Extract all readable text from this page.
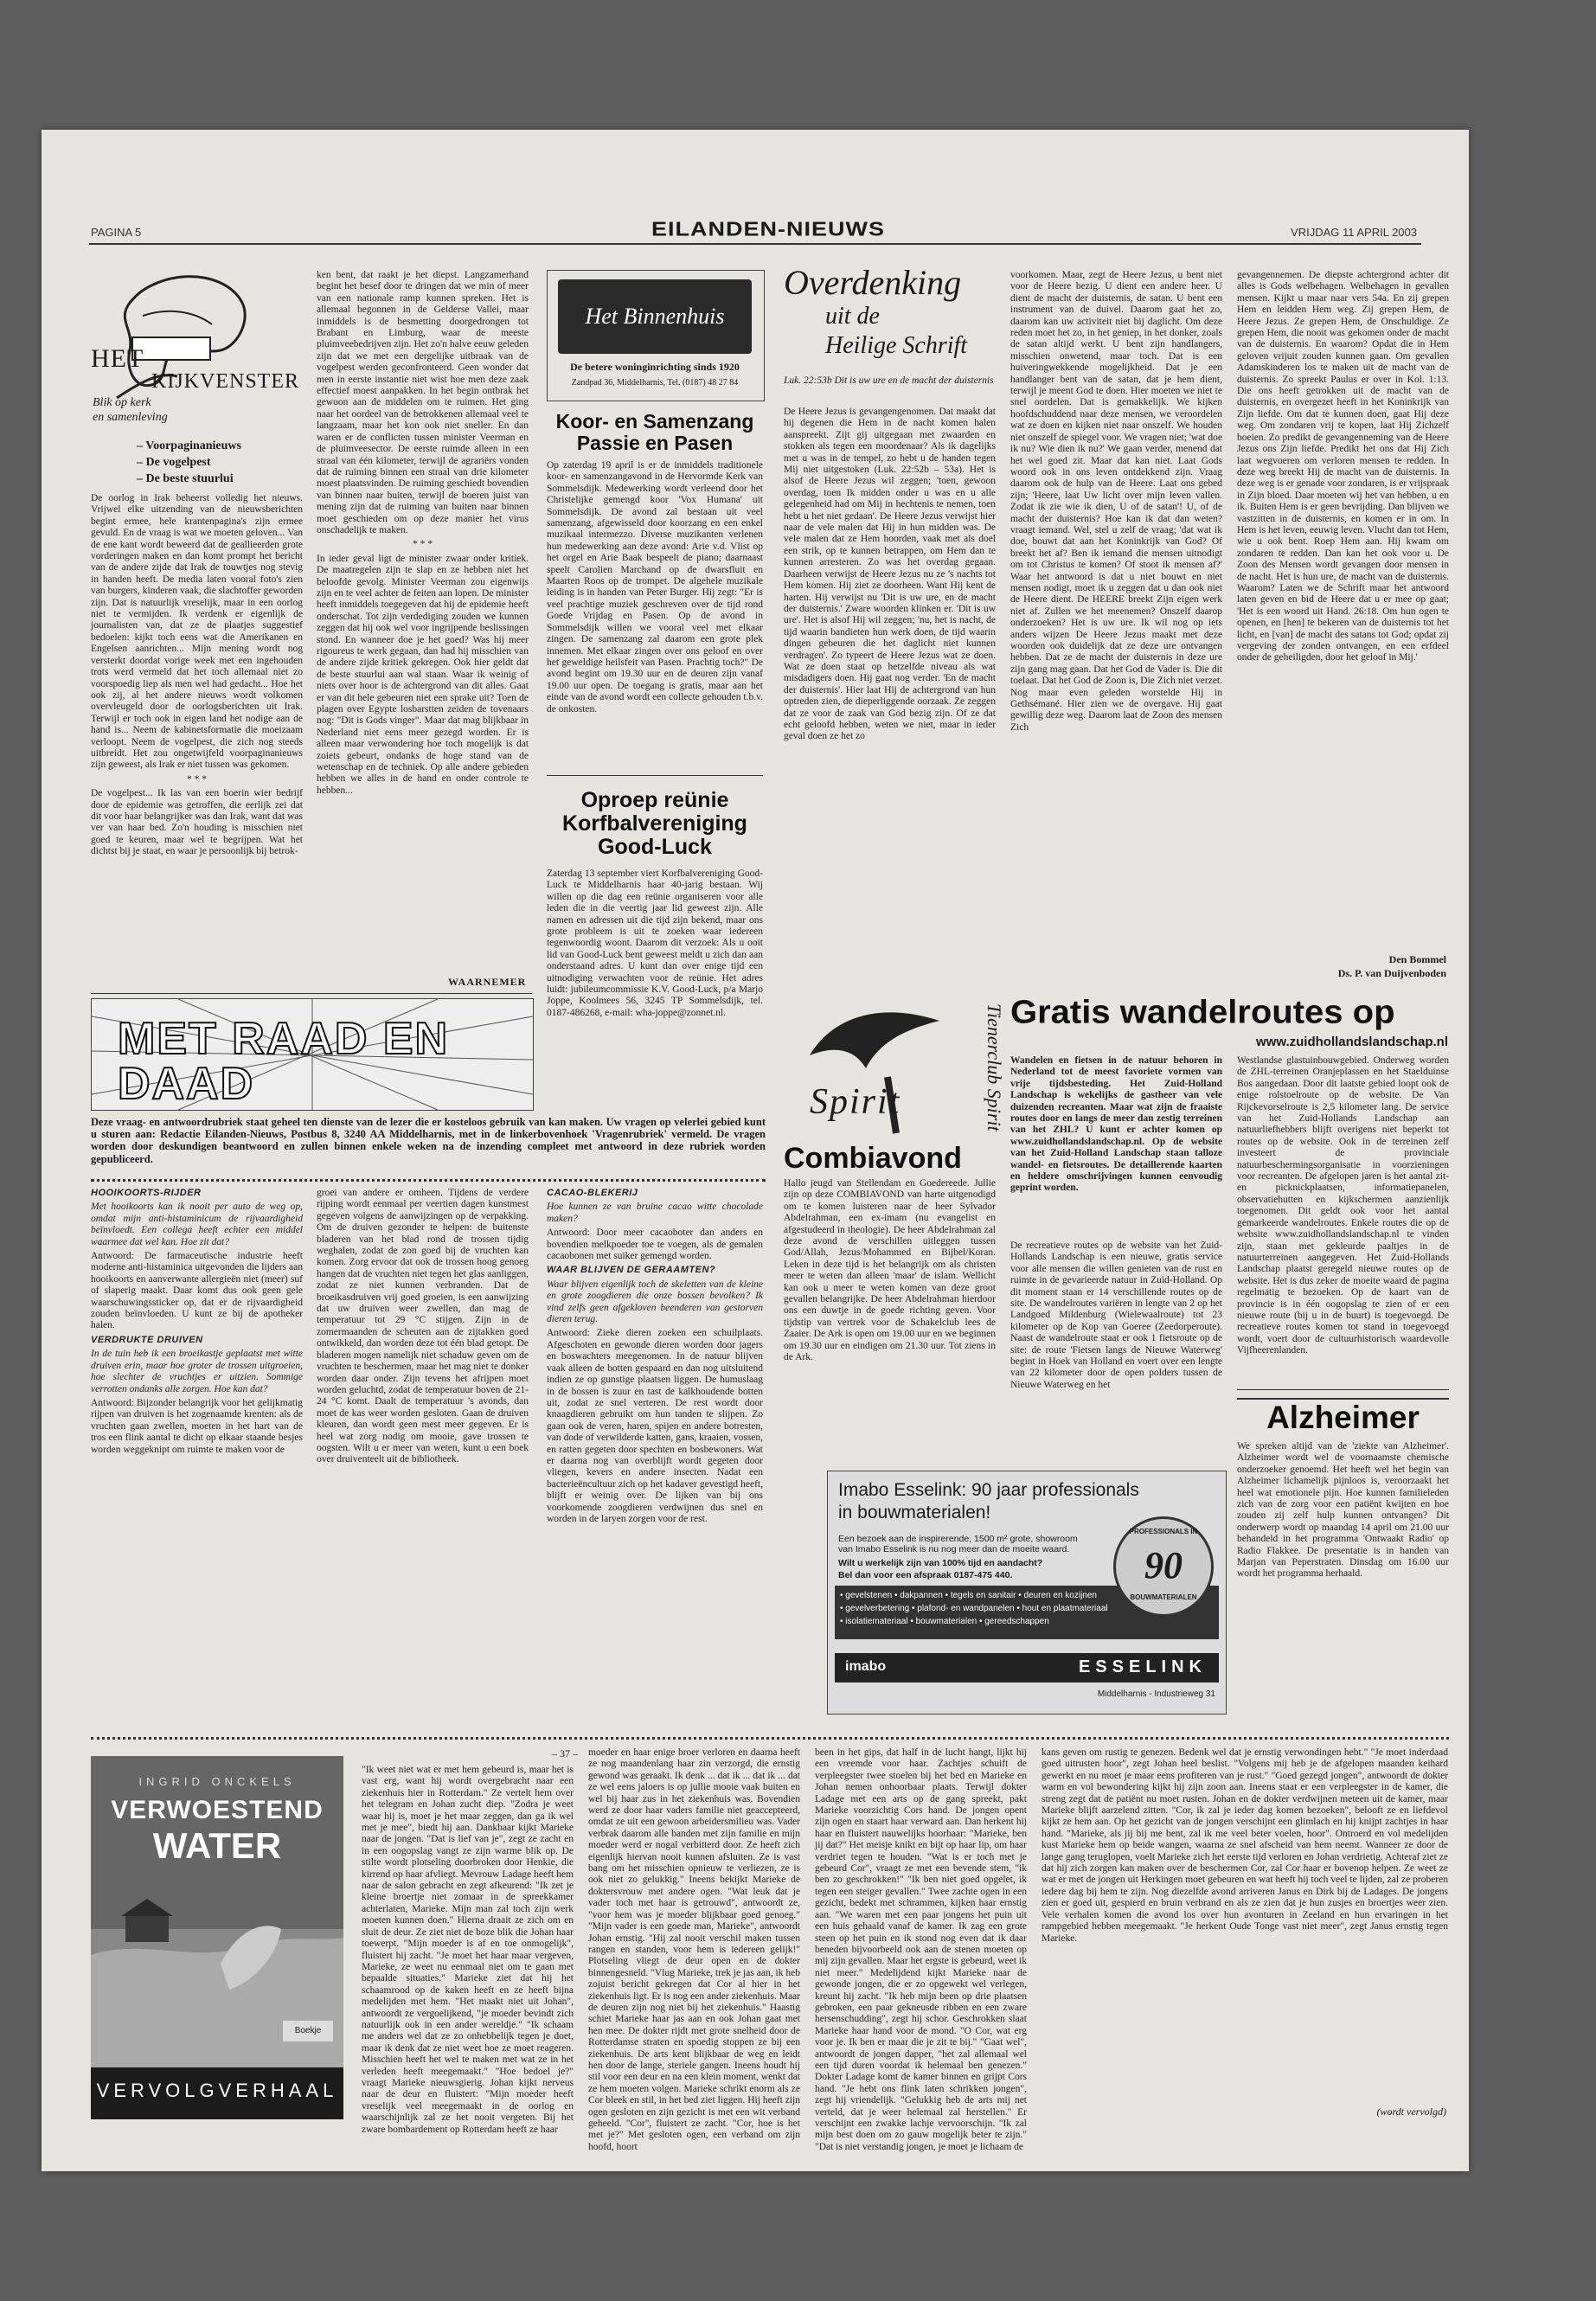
PAGINA 5	EILANDEN-NIEUWS	VRIJDAG 11 APRIL 2003
HET
KIJKVENSTER
Blik op kerk
en samenleving
– Voorpaginanieuws
– De vogelpest
– De beste stuurlui

De oorlog in Irak beheerst volledig het nieuws. Vrijwel elke uitzending van de nieuwsberichten begint ermee, hele krantenpagina's zijn ermee gevuld. En de vraag is wat we moeten geloven... Van de ene kant wordt beweerd dat de geallieerden grote vorderingen maken en dan komt prompt het bericht van de andere zijde dat Irak de touwtjes nog stevig in handen heeft. De media laten vooral foto's zien van burgers, kinderen vaak, die slachtoffer geworden zijn. Dat is natuurlijk vreselijk, maar in een oorlog niet te vermijden. Ik verdenk er eigenlijk de journalisten van, dat ze de plaatjes suggestief bedoelen: kijkt toch eens wat die Amerikanen en Engelsen aanrichten... Mijn mening wordt nog versterkt doordat vorige week met een ingehouden trots werd vermeld dat het toch allemaal niet zo voorspoedig liep als men wel had gedacht... Hoe het ook zij, al het andere nieuws wordt volkomen overvleugeld door de oorlogsberichten uit Irak. Terwijl er toch ook in eigen land het nodige aan de hand is... Neem de kabinetsformatie die moeizaam verloopt. Neem de vogelpest, die zich nog steeds uitbreidt. Het zou ongetwijfeld voorpaginanieuws zijn geweest, als Irak er niet tussen was gekomen.

* * *

De vogelpest... Ik las van een boerin wier bedrijf door de epidemie was getroffen, die eerlijk zei dat dit voor haar belangrijker was dan Irak, want dat was ver van haar bed. Zo'n houding is misschien niet goed te keuren, maar wel te begrijpen. Wat het dichtst bij je staat, en waar je persoonlijk bij betrok-

ken bent, dat raakt je het diepst. Langzamerhand begint het besef door te dringen dat we min of meer van een nationale ramp kunnen spreken. Het is allemaal begonnen in de Gelderse Vallei, maar inmiddels is de besmetting doorgedrongen tot Brabant en Limburg, waar de meeste pluimveebedrijven zijn. Het zo'n halve eeuw geleden zijn dat we met een dergelijke uitbraak van de vogelpest werden geconfronteerd. Geen wonder dat men in eerste instantie niet wist hoe men deze zaak effectief moest aanpakken. In het begin ontbrak het gewoon aan de middelen om te ruimen. Het ging naar het oordeel van de betrokkenen allemaal veel te langzaam, maar het kon ook niet sneller. En dan waren er de conflicten tussen minister Veerman en de pluimveesector. De eerste ruimde alleen in een straal van één kilometer, terwijl de agrariërs vonden dat de ruiming binnen een straal van drie kilometer moest plaatsvinden. De ruiming geschiedt bovendien van binnen naar buiten, terwijl de boeren juist van mening zijn dat de ruiming van buiten naar binnen moet geschieden om op deze manier het virus onschadelijk te maken.

* * *

In ieder geval ligt de minister zwaar onder kritiek. De maatregelen zijn te slap en ze hebben niet het beloofde gevolg. Minister Veerman zou eigenwijs zijn en te veel achter de feiten aan lopen. De minister heeft inmiddels toegegeven dat hij de epidemie heeft onderschat. Tot zijn verdediging zouden we kunnen zeggen dat hij ook wel voor ingrijpende beslissingen stond. En wanneer doe je het goed? Was hij meer rigoureus te werk gegaan, dan had hij misschien van de andere zijde kritiek gekregen. Ook hier geldt dat de beste stuurlui aan wal staan. Waar ik weinig of niets over hoor is de achtergrond van dit alles. Gaat er van dit hele gebeuren niet een sprake uit? Toen de plagen over Egypte losbarstten zeiden de tovenaars nog: "Dit is Gods vinger". Maar dat mag blijkbaar in Nederland niet eens meer gezegd worden. Er is alleen maar verwondering hoe toch mogelijk is dat zoiets gebeurt, ondanks de hoge stand van de wetenschap en de techniek. Op alle andere gebieden hebben we alles in de hand en onder controle te hebben...

WAARNEMER
Het Binnenhuis
De betere woninginrichting sinds 1920
Zandpad 36, Middelharnis, Tel. (0187) 48 27 84
Koor- en Samenzang Passie en Pasen

Op zaterdag 19 april is er de inmiddels traditionele koor- en samenzangavond in de Hervormde Kerk van Sommelsdijk. Medewerking wordt verleend door het Christelijke gemengd koor 'Vox Humana' uit Sommelsdijk. De avond zal bestaan uit veel samenzang, afgewisseld door koorzang en een enkel muzikaal intermezzo. Diverse muzikanten verlenen hun medewerking aan deze avond: Arie v.d. Vlist op het orgel en Arie Baak bespeelt de piano; daarnaast speelt Carolien Marchand op de dwarsfluit en Maarten Roos op de trompet. De algehele muzikale leiding is in handen van Peter Burger. Hij zegt: "Er is veel prachtige muziek geschreven over de tijd rond Goede Vrijdag en Pasen. Op de avond in Sommelsdijk willen we vooral veel met elkaar zingen. De samenzang zal daarom een grote plek innemen. Met elkaar zingen over ons geloof en over het geweldige heilsfeit van Pasen. Prachtig toch?" De avond begint om 19.30 uur en de deuren zijn vanaf 19.00 uur open. De toegang is gratis, maar aan het einde van de avond wordt een collecte gehouden t.b.v. de onkosten.

Oproep reünie Korfbalvereniging Good-Luck

Zaterdag 13 september viert Korfbalvereniging Good-Luck te Middelharnis haar 40-jarig bestaan. Wij willen op die dag een reünie organiseren voor alle leden die in die veertig jaar lid geweest zijn. Alle namen en adressen uit die tijd zijn bekend, maar ons grote probleem is uit te zoeken waar iedereen tegenwoordig woont. Daarom dit verzoek: Als u ooit lid van Good-Luck bent geweest meldt u zich dan aan onderstaand adres. U kunt dan over enige tijd een uitnodiging verwachten voor de reünie. Het adres luidt: jubileumcommissie K.V. Good-Luck, p/a Marjo Joppe, Koolmees 56, 3245 TP Sommelsdijk, tel. 0187-486268, e-mail: wha-joppe@zonnet.nl.

Overdenking
uit de
Heilige Schrift
Luk. 22:53b Dit is uw ure en de macht der duisternis

De Heere Jezus is gevangengenomen. Dat maakt dat hij degenen die Hem in de nacht komen halen aanspreekt. Zijt gij uitgegaan met zwaarden en stokken als tegen een moordenaar? Als ik dagelijks met u was in de tempel, zo hebt u de handen tegen Mij niet uitgestoken (Luk. 22:52b – 53a). Het is alsof de Heere Jezus wil zeggen; 'toen, gewoon overdag, toen Ik midden onder u was en u alle gelegenheid had om Mij in hechtenis te nemen, toen hebt u het niet gedaan'. De Heere Jezus verwijst hier naar de vele malen dat Hij in hun midden was. De vele malen dat ze Hem hoorden, vaak met als doel een strik, op te kunnen betrappen, om Hem dan te kunnen arresteren. Zo was het overdag gegaan. Daarheen verwijst de Heere Jezus nu ze 's nachts tot Hem komen. Hij ziet ze doorheen. Want Hij kent de harten. Hij verwijst nu 'Dit is uw ure, en de macht der duisternis.' Zware woorden klinken er. 'Dit is uw ure'. Het is alsof Hij wil zeggen; 'nu, het is nacht, de tijd waarin bandieten hun werk doen, de tijd waarin dingen gebeuren die het daglicht niet kunnen verdragen'. Zo typeert de Heere Jezus wat ze doen. Wat ze doen staat op hetzelfde niveau als wat misdadigers doen. Hij gaat nog verder. 'En de macht der duisternis'. Hier laat Hij de achtergrond van hun optreden zien, de dieperliggende oorzaak. Ze zeggen dat ze voor de zaak van God bezig zijn. Of ze dat echt geloofd hebben, weten we niet, maar in ieder geval doen ze het zo

voorkomen. Maar, zegt de Heere Jezus, u bent niet voor de Heere bezig. U dient een andere heer. U dient de macht der duisternis, de satan. U bent een instrument van de duivel. Daarom gaat het zo, daarom kan uw activiteit niet bij daglicht. Om deze reden moet het zo, in het geniep, in het donker, zoals de satan altijd werkt. U bent zijn handlangers, misschien onwetend, maar toch. Dat is een huiveringwekkende mogelijkheid. Dat je een handlanger bent van de satan, dat je hem dient, terwijl je meent God te doen. Hier moeten we niet te snel oordelen. Dat is gemakkelijk. We kijken hoofdschuddend naar deze mensen, we veroordelen wat ze doen en kijken niet naar onszelf. We houden niet onszelf de spiegel voor. We vragen niet; 'wat doe ik nu? Wie dien ik nu?' We gaan verder, menend dat het wel goed zit. Maar dat kan niet. Laat Gods woord ook in ons leven ontdekkend zijn. Vraag daarom ook de hulp van de Heere. Laat ons gebed zijn; 'Heere, laat Uw licht over mijn leven vallen. Zodat ik zie wie ik dien, U of de satan'! U, of de macht der duisternis? Hoe kan ik dat dan weten? vraagt iemand. Wel, stel u zelf de vraag; 'dat wat ik doe, bouwt dat aan het Koninkrijk van God? Of breekt het af? Ben ik iemand die mensen uitnodigt om tot Christus te komen? Of stoot ik mensen af?' Waar het antwoord is dat u niet bouwt en niet mensen nodigt, moet ik u zeggen dat u dan ook niet de Heere dient. De HEERE breekt Zijn eigen werk niet af. Zullen we het meenemen? Onszelf daarop onderzoeken? Het is uw ure. Ik wil nog op iets anders wijzen De Heere Jezus maakt met deze woorden ook duidelijk dat ze deze ure ontvangen hebben. Dat ze de macht der duisternis in deze ure zijn gang mag gaan. Dat het God de Vader is. Die dit toelaat. Dat het God de Zoon is, Die Zich niet verzet. Nog maar even geleden worstelde Hij in Gethsémané. Hier zien we de overgave. Hij gaat gewillig deze weg. Daarom laat de Zoon des mensen Zich

gevangennemen. De diepste achtergrond achter dit alles is Gods welbehagen. Welbehagen in gevallen mensen. Kijkt u maar naar vers 54a. En zij grepen Hem en leidden Hem weg. Zij grepen Hem, de Heere Jezus. Ze grepen Hem, de Onschuldige. Ze grepen Hem, die nooit was gekomen onder de macht van de duisternis. En waarom? Opdat die in Hem geloven vrijuit zouden kunnen gaan. Om gevallen Adamskinderen los te maken uit de macht van de duisternis. Zo spreekt Paulus er over in Kol. 1:13. Die ons heeft getrokken uit de macht van de duisternis, en overgezet heeft in het Koninkrijk van Zijn liefde. Om dat te kunnen doen, gaat Hij deze weg. Om zondaren vrij te kopen, laat Hij Zichzelf boeien. Zo predikt de gevangenneming van de Heere Jezus ons Zijn liefde. Predikt het ons dat Hij Zich laat wegvoeren om verloren mensen te redden. In deze weg breekt Hij de macht van de duisternis. In deze weg is er genade voor zondaren, is er vrijspraak in Zijn bloed. Daar moeten wij het van hebben, u en ik. Buiten Hem is er geen bevrijding. Dan blijven we vastzitten in de duisternis, en komen er in om. In Hem is het leven, eeuwig leven. Vlucht dan tot Hem, wie u ook bent. Roep Hem aan. Hij kwam om zondaren te redden. Dan kan het ook voor u. De Zoon des Mensen wordt gevangen door mensen in de nacht. Het is hun ure, de macht van de duisternis. Waarom? Laten we de Schrift maar het antwoord laten geven en bid de Heere dat u er mee op gaat; 'Het is een woord uit Hand. 26:18. Om hun ogen te openen, en [hen] te bekeren van de duisternis tot het licht, en [van] de macht des satans tot God; opdat zij vergeving der zonden ontvangen, en een erfdeel onder de geheiligden, door het geloof in Mij.'

Den Bommel
Ds. P. van Duijvenboden
MET RAAD EN DAAD
Deze vraag- en antwoordrubriek staat geheel ten dienste van de lezer die er kosteloos gebruik van kan maken. Uw vragen op velerlei gebied kunt u sturen aan: Redactie Eilanden-Nieuws, Postbus 8, 3240 AA Middelharnis, met in de linkerbovenhoek 'Vragenrubriek' vermeld. De vragen worden door deskundigen beantwoord en zullen binnen enkele weken na de inzending compleet met antwoord in deze rubriek worden gepubliceerd.

HOOIKOORTS-RIJDER

Met hooikoorts kan ik nooit per auto de weg op, omdat mijn anti-histaminicum de rijvaardigheid beïnvloedt. Een collega heeft echter een middel waarmee dat wel kan. Hoe zit dat?

Antwoord: De farmaceutische industrie heeft moderne anti-histaminica uitgevonden die lijders aan hooikoorts en aanverwante allergieën niet (meer) suf of slaperig maakt. Daar komt dus ook geen gele waarschuwingssticker op, dat er de rijvaardigheid zouden beïnvloeden. U kunt ze bij de apotheker halen.

VERDRUKTE DRUIVEN

In de tuin heb ik een broeikastje geplaatst met witte druiven erin, maar hoe groter de trossen uitgroeien, hoe slechter de vruchtjes er uitzien. Sommige verrotten ondanks alle zorgen. Hoe kan dat?

Antwoord: Bijzonder belangrijk voor het gelijkmatig rijpen van druiven is het zogenaamde krenten: als de vruchten gaan zwellen, moeten in het hart van de tros een flink aantal te dicht op elkaar staande besjes worden weggeknipt om ruimte te maken voor de

groei van andere er omheen. Tijdens de verdere rijping wordt eenmaal per veertien dagen kunstmest gegeven volgens de aanwijzingen op de verpakking. Om de druiven gezonder te helpen: de buitenste bladeren van het blad rond de trossen tijdig weghalen, zodat de zon goed bij de vruchten kan komen. Zorg ervoor dat ook de trossen hoog genoeg hangen dat de vruchten niet tegen het glas aanliggen, zodat ze niet kunnen verbranden. Dat de broeikasdruiven vrij goed groeien, is een aanwijzing dat uw druiven weer zwellen, dan mag de temperatuur tot 29 °C stijgen. Zijn in de zomermaanden de scheuten aan de zijtakken goed ontwikkeld, dan worden deze tot één blad getopt. De bladeren mogen namelijk niet schaduw geven om de vruchten te beschermen, maar het mag niet te donker worden daar onder. Zijn tevens het afrijpen moet worden geluchtd, zodat de temperatuur boven de 21-24 °C komt. Daalt de temperatuur 's avonds, dan moet de kas weer worden gesloten. Gaan de druiven kleuren, dan wordt geen mest meer gegeven. Er is heel wat zorg nodig om mooie, gave trossen te oogsten. Wilt u er meer van weten, kunt u een boek over druiventeelt uit de bibliotheek.

CACAO-BLEKERIJ

Hoe kunnen ze van bruine cacao witte chocolade maken?

Antwoord: Door meer cacaoboter dan anders en bovendien melkpoeder toe te voegen, als de gemalen cacaobonen met suiker gemengd worden.

WAAR BLIJVEN DE GERAAMTEN?

Waar blijven eigenlijk toch de skeletten van de kleine en grote zoogdieren die onze bossen bevolken? Ik vind zelfs geen afgekloven beenderen van gestorven dieren terug.

Antwoord: Zieke dieren zoeken een schuilplaats. Afgeschoten en gewonde dieren worden door jagers en boswachters meegenomen. In de natuur blijven vaak alleen de botten gespaard en dan nog uitsluitend indien ze op gunstige plaatsen liggen. De humuslaag in de bossen is zuur en tast de kalkhoudende botten uit, zodat ze snel verteren. De rest wordt door knaagdieren gebruikt om hun tanden te slijpen. Zo gaan ook de veren, haren, spijen en andere botresten, van dode of verwilderde katten, gans, kraaien, vossen, en ratten gegeten door spechten en bosbewoners. Wat er daarna nog van overblijft wordt gegeten door vliegen, kevers en andere insecten. Nadat een bacterieëncultuur zich op het kadaver gevestigd heeft, blijft er weinig over. De lijken van bij ons voorkomende zoogdieren verdwijnen dus snel en worden in de laryen zorgen voor de rest.

Spirit
Tienerclub Spirit
Combiavond

Hallo jeugd van Stellendam en Goedereede. Jullie zijn op deze COMBIAVOND van harte uitgenodigd om te komen luisteren naar de heer Sylvador Abdelrahman, een ex-imam (nu evangelist en afgestudeerd in theologie). De heer Abdelrahman zal deze avond de verschillen uitleggen tussen God/Allah, Jezus/Mohammed en Bijbel/Koran. Leken in deze tijd is het belangrijk om als christen meer te weten dan alleen 'maar' de islam. Wellicht kan ook u meer te weten komen van deze groot gevallen belangrijke. De heer Abdelrahman hierdoor ons een duwtje in de goede richting geven. Voor tijdstip van vertrek voor de Schakelclub lees de Zaaier. De Ark is open om 19.00 uur en we beginnen om 19.30 uur en eindigen om 21.30 uur. Tot ziens in de Ark.

Gratis wandelroutes op
www.zuidhollandslandschap.nl

Wandelen en fietsen in de natuur behoren in Nederland tot de meest favoriete vormen van vrije tijdsbesteding. Het Zuid-Holland Landschap is wekelijks de gastheer van vele duizenden recreanten. Maar wat zijn de fraaiste routes door en langs de meer dan zestig terreinen van het ZHL? U kunt er achter komen op www.zuidhollandslandschap.nl. Op de website van het Zuid-Holland Landschap staan talloze wandel- en fietsroutes. De detaillerende kaarten en heldere omschrijvingen kunnen eenvoudig geprint worden.

De recreatieve routes op de website van het Zuid-Hollands Landschap is een nieuwe, gratis service voor alle mensen die willen genieten van de rust en ruimte in de gevarieerde natuur in Zuid-Holland. Op dit moment staan er 14 verschillende routes op de site. De wandelroutes variëren in lengte van 2 op het Landgoed Mildenburg (Wielewaalroute) tot 23 kilometer op de Kop van Goeree (Zeedorperoute). Naast de wandelroute staat er ook 1 fietsroute op de site: de route 'Fietsen langs de Nieuwe Waterweg' begint in Hoek van Holland en voert over een lengte van 22 kilometer door de open polders tussen de Nieuwe Waterweg en het

Westlandse glastuinbouwgebied. Onderweg worden de ZHL-terreinen Oranjeplassen en het Staelduinse Bos aangedaan. Door dit laatste gebied loopt ook de enige rolstoelroute op de website. De Van Rijckevorselroute is 2,5 kilometer lang. De service van het Zuid-Hollands Landschap aan natuurliefhebbers blijft overigens niet beperkt tot routes op de website. Ook in de terreinen zelf investeert de provinciale natuurbeschermingsorganisatie in voorzieningen voor recreanten. De afgelopen jaren is het aantal zit- en picknickplaatsen, informatiepanelen, observatiehutten en kijkschermen aanzienlijk toegenomen. Dit geldt ook voor het aantal gemarkeerde wandelroutes. Enkele routes die op de website www.zuidhollandslandschap.nl te vinden zijn, staan met gekleurde paaltjes in de natuurterreinen aangegeven. Het Zuid-Hollands Landschap plaatst geregeld nieuwe routes op de website. Het is dus zeker de moeite waard de pagina regelmatig te bezoeken. Op de kaart van de provincie is in één oogopslag te zien of er een nieuwe route (bij u in de buurt) is toegevoegd. De recreatieve routes komen tot stand in toegevoegd wordt, voert door de cultuurhistorisch waardevolle Vijfheerenlanden.

Imabo Esselink: 90 jaar professionals
in bouwmaterialen!
Een bezoek aan de inspirerende, 1500 m² grote, showroom van Imabo Esselink is nu nog meer dan de moeite waard.
Wilt u werkelijk zijn van 100% tijd en aandacht?
Bel dan voor een afspraak 0187-475 440.
• gevelstenen • dakpannen • tegels en sanitair • deuren en kozijnen
• gevelverbetering • plafond- en wandpanelen • hout en plaatmateriaal
• isolatiemateriaal • bouwmaterialen • gereedschappen
PROFESSIONALS IN
90
BOUWMATERIALEN
imabo	ESSELINK
Middelharnis - Industrieweg 31
Alzheimer

We spreken altijd van de 'ziekte van Alzheimer'. Alzheimer wordt wel de voornaamste chemische onderzoeker genoemd. Het heeft wel het begin van Alzheimer lichamelijk pijnloos is, veroorzaakt het heel wat emotionele pijn. Hoe kunnen familieleden zich van de zorg voor een patiënt kwijten en hoe zouden zij zelf hulp kunnen ontvangen? Dit onderwerp wordt op maandag 14 april om 21.00 uur behandeld in het programma 'Ontwaakt Radio' op Radio Flakkee. De presentatie is in handen van Marjan van Peperstraten. Dinsdag om 16.00 uur wordt het programma herhaald.

INGRID ONCKELS
VERWOESTEND
WATER
Boekje
VERVOLGVERHAAL
– 37 –

"Ik weet niet wat er met hem gebeurd is, maar het is vast erg, want hij wordt overgebracht naar een ziekenhuis hier in Rotterdam." Ze vertelt hem over het telegram en Johan zucht diep. "Zodra je weet waar hij is, moet je het maar zeggen, dan ga ik wel met je mee", biedt hij aan. Dankbaar kijkt Marieke naar de jongen. "Dat is lief van je", zegt ze zacht en in een oogopslag vangt ze zijn warme blik op. De stilte wordt plotseling doorbroken door Henkie, die kirrend op haar afvliegt. Mevrouw Ladage heeft hem naar de salon gebracht en zegt afkeurend: "Ik zet je kleine broertje niet zomaar in de spreekkamer achterlaten, Marieke. Mijn man zal toch zijn werk moeten kunnen doen." Hierna draait ze zich om en sluit de deur. Ze ziet niet de boze blik die Johan haar toewerpt. "Mijn moeder is af en toe onmogelijk", fluistert hij zacht. "Je moet het haar maar vergeven, Marieke, ze weet nu eenmaal niet om te gaan met bepaalde situaties." Marieke ziet dat hij het schaamrood op de kaken heeft en ze heeft bijna medelijden met hem. "Het maakt niet uit Johan", antwoordt ze vergoelijkend, "je moeder bevindt zich natuurlijk ook in een ander wereldje." "Ik schaam me anders wel dat ze zo onhebbelijk tegen je doet, maar ik denk dat ze niet weet hoe ze moet reageren. Misschien heeft het wel te maken met wat ze in het verleden heeft meegemaakt." "Hoe bedoel je?" vraagt Marieke nieuwsgierig. Johan kijkt nerveus naar de deur en fluistert: "Mijn moeder heeft vreselijk veel meegemaakt in de oorlog en waarschijnlijk zal ze het nooit vergeten. Bij het zware bombardement op Rotterdam heeft ze haar

moeder en haar enige broer verloren en daarna heeft ze nog maandenlang haar zin verzorgd, die ernstig gewond was geraakt. Ik denk ... dat ik ... dat ik ... dat ze wel eens jaloers is op jullie mooie vaak buiten en wel bij haar zus in het ziekenhuis was. Bovendien werd ze door haar vaders familie niet geaccepteerd, omdat ze uit een gewoon arbeidersmilieu was. Vader verbrak daarom alle banden met zijn familie en mijn moeder werd er nogal verbitterd door. Ze heeft zich eigenlijk hiervan nooit kunnen afsluiten. Ze is vast bang om het misschien opnieuw te verliezen, ze is ook niet zo gelukkig." Ineens bekijkt Marieke de doktersvrouw met andere ogen. "Wat leuk dat je vader toch met haar is getrouwd", antwoordt ze, "voor hem was je moeder blijkbaar goed genoeg." "Mijn vader is een goede man, Marieke", antwoordt Johan ernstig. "Hij zal nooit verschil maken tussen rangen en standen, voor hem is iedereen gelijk!" Plotseling vliegt de deur open en de dokter binnengesneld. "Vlug Marieke, trek je jas aan, ik heb zojuist bericht gekregen dat Cor al hier in het ziekenhuis ligt. Er is nog een ander ziekenhuis. Maar de deuren zijn nog niet bij het ziekenhuis." Haastig schiet Marieke haar jas aan en ook Johan gaat met hen mee. De dokter rijdt met grote snelheid door de Rotterdamse straten en spoedig stoppen ze bij een ziekenhuis. De arts kent blijkbaar de weg en leidt hen door de lange, steriele gangen. Ineens houdt hij stil voor een deur en na een klein moment, wenkt dat ze hem moeten volgen. Marieke schrikt enorm als ze Cor bleek en stil, in het bed ziet liggen. Hij heeft zijn ogen gesloten en zijn gezicht is met een wit verband geheeld. "Cor", fluistert ze zacht. "Cor, hoe is het met je?" Met gesloten ogen, een verband om zijn hoofd, hoort

been in het gips, dat half in de lucht hangt, lijkt hij een vreemde voor haar. Zachtjes schuift de verpleegster twee stoelen bij het bed en Marieke en Johan nemen onhoorbaar plaats. Terwijl dokter Ladage met een arts op de gang spreekt, pakt Marieke voorzichtig Cors hand. De jongen opent zijn ogen en staart haar verward aan. Dan herkent hij haar en fluistert nauwelijks hoorbaar: "Marieke, ben jij dat?" Het meisje knikt en bijt op haar lip, om haar verdriet tegen te houden. "Wat is er toch met je gebeurd Cor", vraagt ze met een bevende stem, "ik ben zo geschrokken!" "Ik ben niet goed opgelet, ik tegen een steiger gevallen." Twee zachte ogen in een gezicht, bedekt met schrammen, kijken haar ernstig aan. "We waren met een paar jongens het puin uit een huis gehaald vanaf de kamer. Ik zag een grote steen op het puin en ik stond nog even dat ik daar beneden bijvoorbeeld ook aan de stenen moeten op mij zijn gevallen. Maar het ergste is gebeurd, weet ik niet meer." Medelijdend kijkt Marieke naar de gewonde jongen, die er zo opgewekt wel verlegen, kreunt hij zacht. "Ik heb mijn been op drie plaatsen gebroken, een paar gekneusde ribben en een zware hersenschudding", zegt hij schor. Geschrokken slaat Marieke haar hand voor de mond. "O Cor, wat erg voor je. Ik ben er maar die je zit te bij." "Gaat wel", antwoordt de jongen dapper, "het zal allemaal wel een tijd duren voordat ik helemaal ben genezen." Dokter Ladage komt de kamer binnen en grijpt Cors hand. "Je hebt ons flink laten schrikken jongen", zegt hij vriendelijk. "Gelukkig heb de arts mij net verteld, dat je weer helemaal zal herstellen." Er verschijnt een zwakke lachje vervoorschijn. "Ik zal mijn best doen om zo gauw mogelijk beter te zijn." "Dat is niet verstandig jongen, je moet je lichaam de

kans geven om rustig te genezen. Bedenk wel dat je ernstig verwondingen hebt." "Je moet inderdaad goed uitrusten hoor", zegt Johan heel beslist. "Volgens mij heb je de afgelopen maanden keihard gewerkt en nu moet je maar eens profiteren van je rust." "Goed gezegd jongen", antwoordt de dokter warm en vol bewondering kijkt hij zijn zoon aan. Ineens staat er een verpleegster in de kamer, die streng zegt dat de patiënt nu moet rusten. Johan en de dokter verdwijnen meteen uit de kamer, maar Marieke blijft aarzelend zitten. "Cor, ik zal je ieder dag komen bezoeken", belooft ze en liefdevol kijkt ze hem aan. Op het gezicht van de jongen verschijnt een glimlach en hij knijpt zachtjes in haar hand. "Marieke, als jij bij me bent, zal ik me veel beter voelen, hoor". Ontroerd en vol medelijden kust Marieke hem op beide wangen, waarna ze snel afscheid van hem neemt. Wanneer ze door de lange gang teruglopen, voelt Marieke zich het eerste tijd verloren en Johan verdrietig. Achteraf ziet ze dat hij zich zorgen kan maken over de beschermen Cor, zal Cor haar er bovenop helpen. Ze weet ze wat er met de jongen uit Herkingen moet gebeuren en wat heeft hij toch veel te lijden, zal ze proberen iedere dag bij hem te zijn. Nog diezelfde avond arriveren Janus en Dirk bij de Ladages. De jongens zien er goed uit, gespierd en bruin verbrand en als ze zien dat je hun zusjes en broertjes weer zien. Vele verhalen komen die avond los over hun avonturen in Zeeland en hun ervaringen in het rampgebied hebben meegemaakt. "Je herkent Oude Tonge vast niet meer", zegt Janus ernstig tegen Marieke.

(wordt vervolgd)
